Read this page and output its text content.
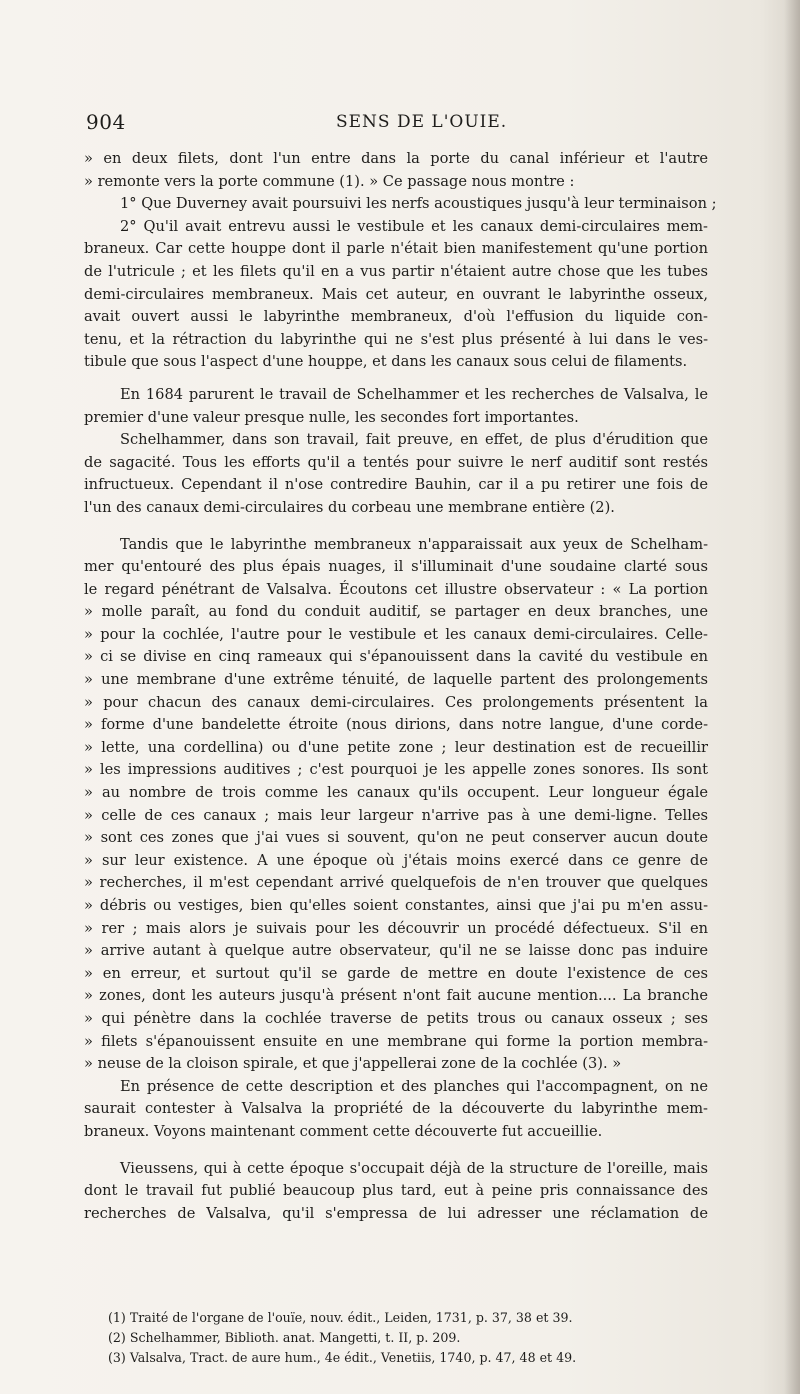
904	SENS DE L'OUIE.
» en deux filets, dont l'un entre dans la porte du canal inférieur et l'autre
» remonte vers la porte commune (1). » Ce passage nous montre :
1° Que Duverney avait poursuivi les nerfs acoustiques jusqu'à leur terminaison ;
2° Qu'il avait entrevu aussi le vestibule et les canaux demi-circulaires mem-
braneux. Car cette houppe dont il parle n'était bien manifestement qu'une portion
de l'utricule ; et les filets qu'il en a vus partir n'étaient autre chose que les tubes
demi-circulaires membraneux. Mais cet auteur, en ouvrant le labyrinthe osseux,
avait ouvert aussi le labyrinthe membraneux, d'où l'effusion du liquide con-
tenu, et la rétraction du labyrinthe qui ne s'est plus présenté à lui dans le ves-
tibule que sous l'aspect d'une houppe, et dans les canaux sous celui de filaments.
En 1684 parurent le travail de Schelhammer et les recherches de Valsalva, le
premier d'une valeur presque nulle, les secondes fort importantes.
Schelhammer, dans son travail, fait preuve, en effet, de plus d'érudition que
de sagacité. Tous les efforts qu'il a tentés pour suivre le nerf auditif sont restés
infructueux. Cependant il n'ose contredire Bauhin, car il a pu retirer une fois de
l'un des canaux demi-circulaires du corbeau une membrane entière (2).
Tandis que le labyrinthe membraneux n'apparaissait aux yeux de Schelham-
mer qu'entouré des plus épais nuages, il s'illuminait d'une soudaine clarté sous
le regard pénétrant de Valsalva. Écoutons cet illustre observateur : « La portion
» molle paraît, au fond du conduit auditif, se partager en deux branches, une
» pour la cochlée, l'autre pour le vestibule et les canaux demi-circulaires. Celle-
» ci se divise en cinq rameaux qui s'épanouissent dans la cavité du vestibule en
» une membrane d'une extrême ténuité, de laquelle partent des prolongements
» pour chacun des canaux demi-circulaires. Ces prolongements présentent la
» forme d'une bandelette étroite (nous dirions, dans notre langue, d'une corde-
» lette, una cordellina) ou d'une petite zone ; leur destination est de recueillir
» les impressions auditives ; c'est pourquoi je les appelle zones sonores. Ils sont
» au nombre de trois comme les canaux qu'ils occupent. Leur longueur égale
» celle de ces canaux ; mais leur largeur n'arrive pas à une demi-ligne. Telles
» sont ces zones que j'ai vues si souvent, qu'on ne peut conserver aucun doute
» sur leur existence. A une époque où j'étais moins exercé dans ce genre de
» recherches, il m'est cependant arrivé quelquefois de n'en trouver que quelques
» débris ou vestiges, bien qu'elles soient constantes, ainsi que j'ai pu m'en assu-
» rer ; mais alors je suivais pour les découvrir un procédé défectueux. S'il en
» arrive autant à quelque autre observateur, qu'il ne se laisse donc pas induire
» en erreur, et surtout qu'il se garde de mettre en doute l'existence de ces
» zones, dont les auteurs jusqu'à présent n'ont fait aucune mention.... La branche
» qui pénètre dans la cochlée traverse de petits trous ou canaux osseux ; ses
» filets s'épanouissent ensuite en une membrane qui forme la portion membra-
» neuse de la cloison spirale, et que j'appellerai zone de la cochlée (3). »
En présence de cette description et des planches qui l'accompagnent, on ne
saurait contester à Valsalva la propriété de la découverte du labyrinthe mem-
braneux. Voyons maintenant comment cette découverte fut accueillie.
Vieussens, qui à cette époque s'occupait déjà de la structure de l'oreille, mais
dont le travail fut publié beaucoup plus tard, eut à peine pris connaissance des
recherches de Valsalva, qu'il s'empressa de lui adresser une réclamation de
(1) Traité de l'organe de l'ouïe, nouv. édit., Leiden, 1731, p. 37, 38 et 39.
(2) Schelhammer, Biblioth. anat. Mangetti, t. II, p. 209.
(3) Valsalva, Tract. de aure hum., 4e édit., Venetiis, 1740, p. 47, 48 et 49.
